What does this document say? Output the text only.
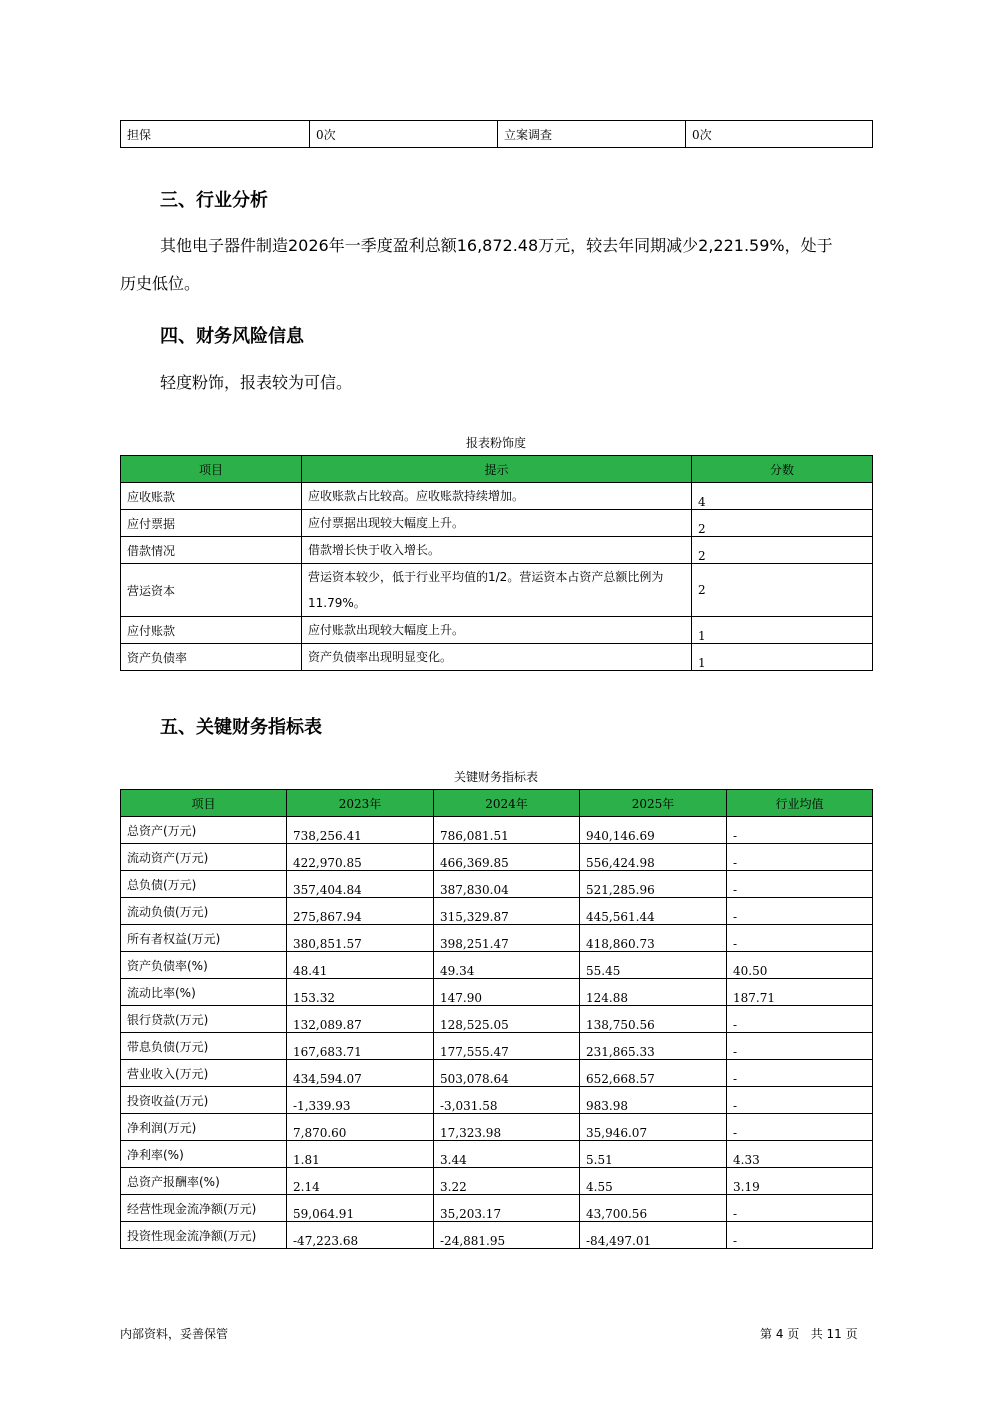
担保	0次	立案调查	0次
三、行业分析
其他电子器件制造2026年一季度盈利总额16,872.48万元，较去年同期减少2,221.59%，处于
历史低位。
四、财务风险信息
轻度粉饰，报表较为可信。
报表粉饰度
项目	提示	分数
应收账款	应收账款占比较高。应收账款持续增加。	4
应付票据	应付票据出现较大幅度上升。	2
借款情况	借款增长快于收入增长。	2
营运资本	营运资本较少，低于行业平均值的1/2。营运资本占资产总额比例为11.79%。	2
应付账款	应付账款出现较大幅度上升。	1
资产负债率	资产负债率出现明显变化。	1
五、关键财务指标表
关键财务指标表
项目	2023年	2024年	2025年	行业均值
总资产(万元)	738,256.41	786,081.51	940,146.69	-
流动资产(万元)	422,970.85	466,369.85	556,424.98	-
总负债(万元)	357,404.84	387,830.04	521,285.96	-
流动负债(万元)	275,867.94	315,329.87	445,561.44	-
所有者权益(万元)	380,851.57	398,251.47	418,860.73	-
资产负债率(%)	48.41	49.34	55.45	40.50
流动比率(%)	153.32	147.90	124.88	187.71
银行贷款(万元)	132,089.87	128,525.05	138,750.56	-
带息负债(万元)	167,683.71	177,555.47	231,865.33	-
营业收入(万元)	434,594.07	503,078.64	652,668.57	-
投资收益(万元)	-1,339.93	-3,031.58	983.98	-
净利润(万元)	7,870.60	17,323.98	35,946.07	-
净利率(%)	1.81	3.44	5.51	4.33
总资产报酬率(%)	2.14	3.22	4.55	3.19
经营性现金流净额(万元)	59,064.91	35,203.17	43,700.56	-
投资性现金流净额(万元)	-47,223.68	-24,881.95	-84,497.01	-
内部资料，妥善保管	第 4 页   共 11 页
